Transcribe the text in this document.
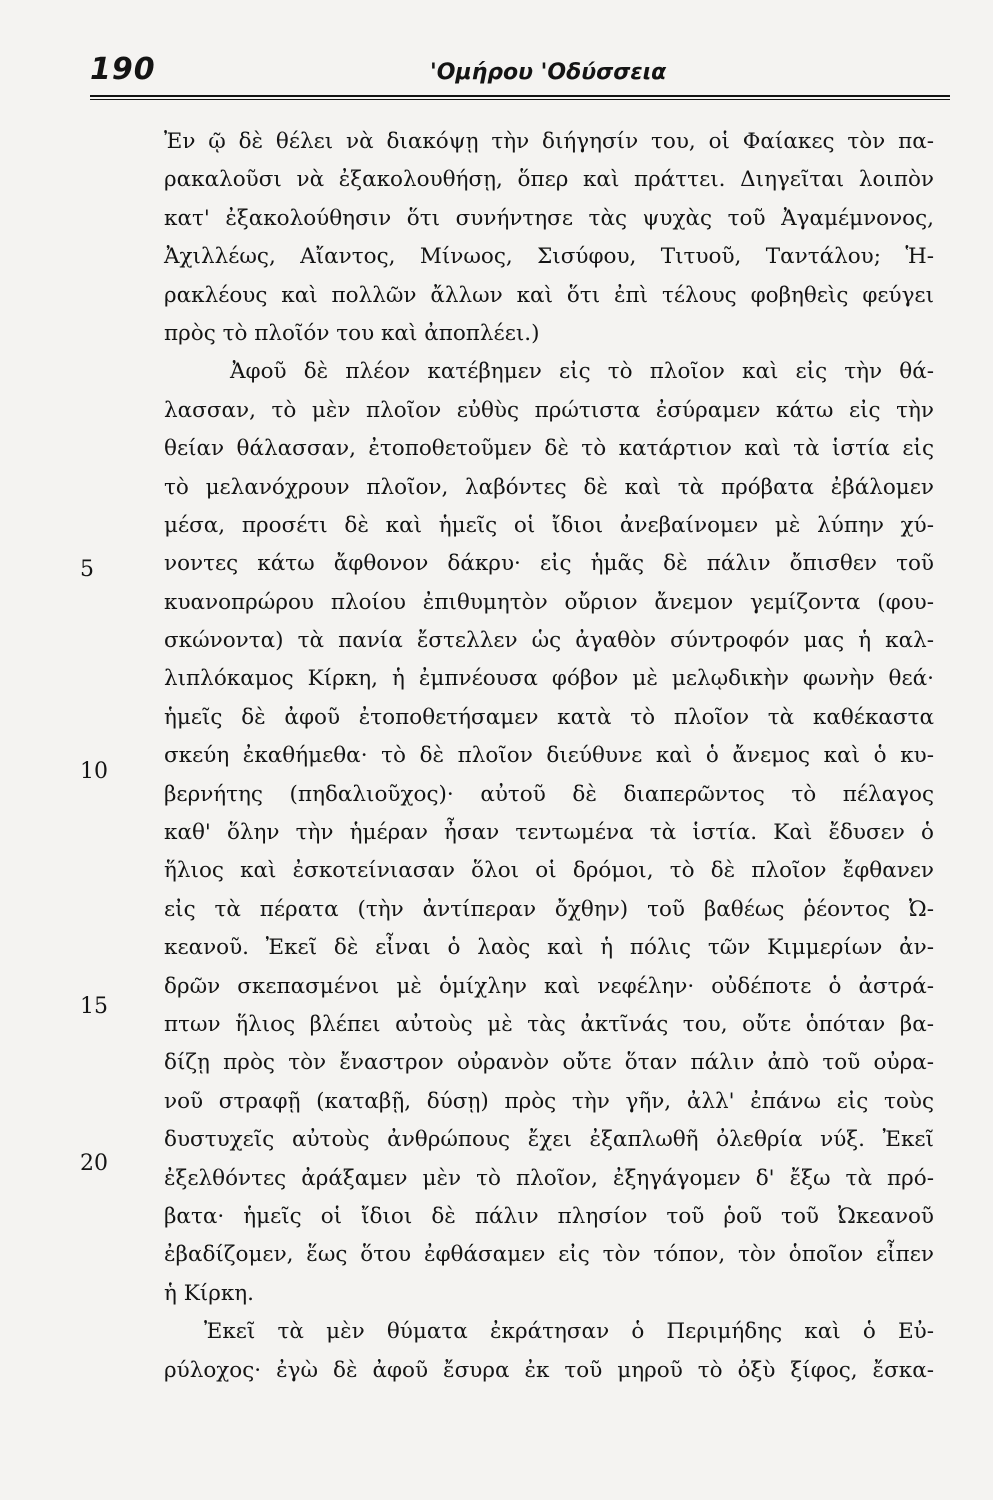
190	'Ομήρου 'Οδύσσεια
5
10
15
20
Ἐν ῷ δὲ θέλει νὰ διακόψῃ τὴν διήγησίν του, οἱ Φαίακες τὸν πα-
ρακαλοῦσι νὰ ἐξακολουθήσῃ, ὅπερ καὶ πράττει. Διηγεῖται λοιπὸν
κατ' ἐξακολούθησιν ὅτι συνήντησε τὰς ψυχὰς τοῦ Ἀγαμέμνονος,
Ἀχιλλέως, Αἴαντος, Μίνωος, Σισύφου, Τιτυοῦ, Ταντάλου; Ἡ-
ρακλέους καὶ πολλῶν ἄλλων καὶ ὅτι ἐπὶ τέλους φοβηθεὶς φεύγει
πρὸς τὸ πλοῖόν του καὶ ἀποπλέει.)
Ἀφοῦ δὲ πλέον κατέβημεν εἰς τὸ πλοῖον καὶ εἰς τὴν θά-
λασσαν, τὸ μὲν πλοῖον εὐθὺς πρώτιστα ἐσύραμεν κάτω εἰς τὴν
θείαν θάλασσαν, ἐτοποθετοῦμεν δὲ τὸ κατάρτιον καὶ τὰ ἱστία εἰς
τὸ μελανόχρουν πλοῖον, λαβόντες δὲ καὶ τὰ πρόβατα ἐβάλομεν
μέσα, προσέτι δὲ καὶ ἡμεῖς οἱ ἴδιοι ἀνεβαίνομεν μὲ λύπην χύ-
νοντες κάτω ἄφθονον δάκρυ· εἰς ἡμᾶς δὲ πάλιν ὄπισθεν τοῦ
κυανοπρώρου πλοίου ἐπιθυμητὸν οὔριον ἄνεμον γεμίζοντα (φου-
σκώνοντα) τὰ πανία ἔστελλεν ὡς ἀγαθὸν σύντροφόν μας ἡ καλ-
λιπλόκαμος Κίρκη, ἡ ἐμπνέουσα φόβον μὲ μελῳδικὴν φωνὴν θεά·
ἡμεῖς δὲ ἀφοῦ ἐτοποθετήσαμεν κατὰ τὸ πλοῖον τὰ καθέκαστα
σκεύη ἐκαθήμεθα· τὸ δὲ πλοῖον διεύθυνε καὶ ὁ ἄνεμος καὶ ὁ κυ-
βερνήτης (πηδαλιοῦχος)· αὐτοῦ δὲ διαπερῶντος τὸ πέλαγος
καθ' ὅλην τὴν ἡμέραν ἦσαν τεντωμένα τὰ ἱστία. Καὶ ἔδυσεν ὁ
ἥλιος καὶ ἐσκοτείνιασαν ὅλοι οἱ δρόμοι, τὸ δὲ πλοῖον ἔφθανεν
εἰς τὰ πέρατα (τὴν ἀντίπεραν ὄχθην) τοῦ βαθέως ῥέοντος Ὠ-
κεανοῦ. Ἐκεῖ δὲ εἶναι ὁ λαὸς καὶ ἡ πόλις τῶν Κιμμερίων ἀν-
δρῶν σκεπασμένοι μὲ ὁμίχλην καὶ νεφέλην· οὐδέποτε ὁ ἀστρά-
πτων ἥλιος βλέπει αὐτοὺς μὲ τὰς ἀκτῖνάς του, οὔτε ὁπόταν βα-
δίζῃ πρὸς τὸν ἔναστρον οὐρανὸν οὔτε ὅταν πάλιν ἀπὸ τοῦ οὐρα-
νοῦ στραφῇ (καταβῇ, δύσῃ) πρὸς τὴν γῆν, ἀλλ' ἐπάνω εἰς τοὺς
δυστυχεῖς αὐτοὺς ἀνθρώπους ἔχει ἐξαπλωθῆ ὀλεθρία νύξ. Ἐκεῖ
ἐξελθόντες ἀράξαμεν μὲν τὸ πλοῖον, ἐξηγάγομεν δ' ἔξω τὰ πρό-
βατα· ἡμεῖς οἱ ἴδιοι δὲ πάλιν πλησίον τοῦ ῥοῦ τοῦ Ὠκεανοῦ
ἐβαδίζομεν, ἕως ὅτου ἐφθάσαμεν εἰς τὸν τόπον, τὸν ὁποῖον εἶπεν
ἡ Κίρκη.
Ἐκεῖ τὰ μὲν θύματα ἐκράτησαν ὁ Περιμήδης καὶ ὁ Εὐ-
ρύλοχος· ἐγὼ δὲ ἀφοῦ ἔσυρα ἐκ τοῦ μηροῦ τὸ ὀξὺ ξίφος, ἔσκα-
